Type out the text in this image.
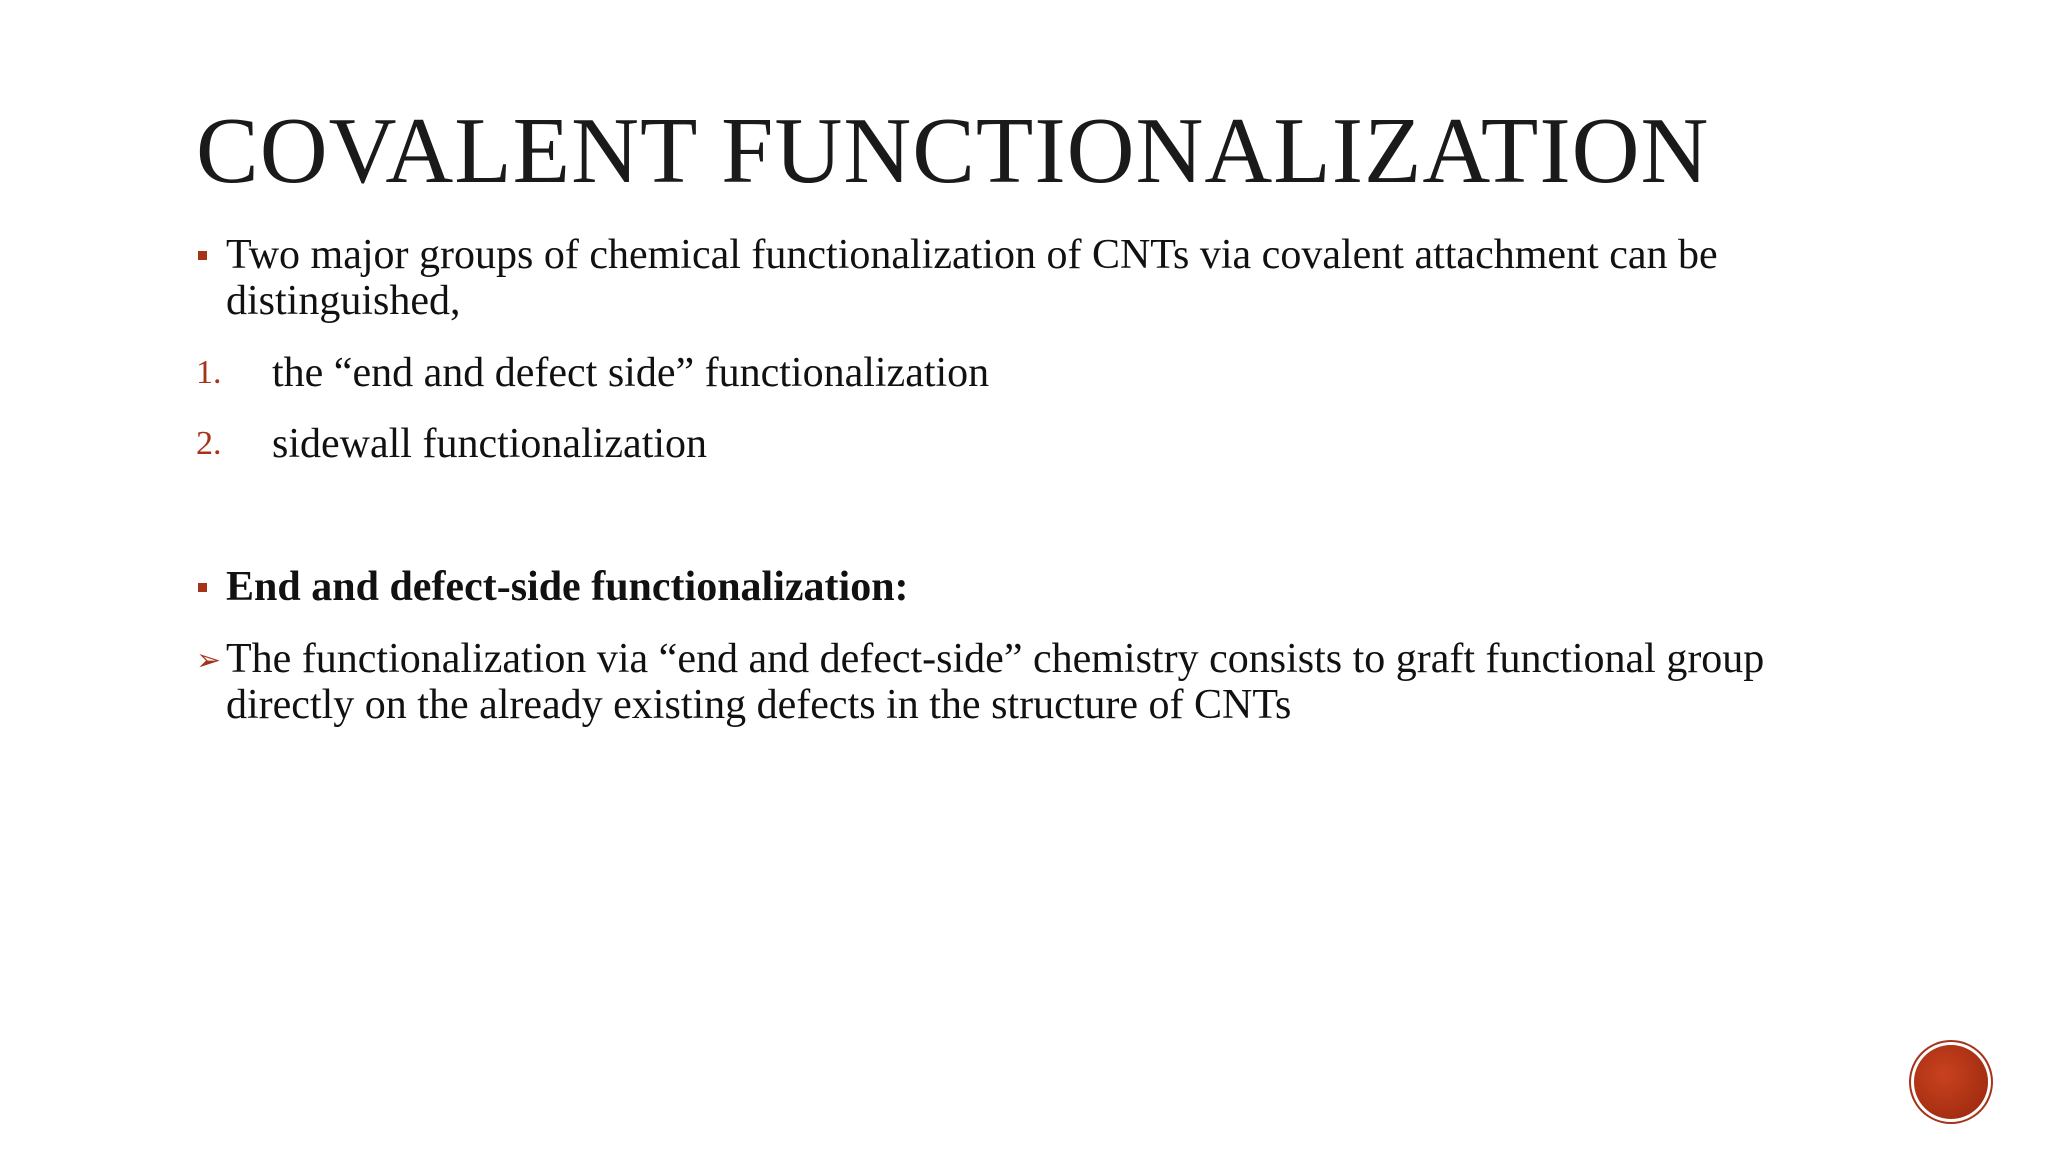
COVALENT FUNCTIONALIZATION

Two major groups of chemical functionalization of CNTs via covalent attachment can be distinguished,

1.	the “end and defect side” functionalization

2.	sidewall functionalization

End and defect-side functionalization:

➢ The functionalization via “end and defect-side” chemistry consists to graft functional group directly on the already existing defects in the structure of CNTs
